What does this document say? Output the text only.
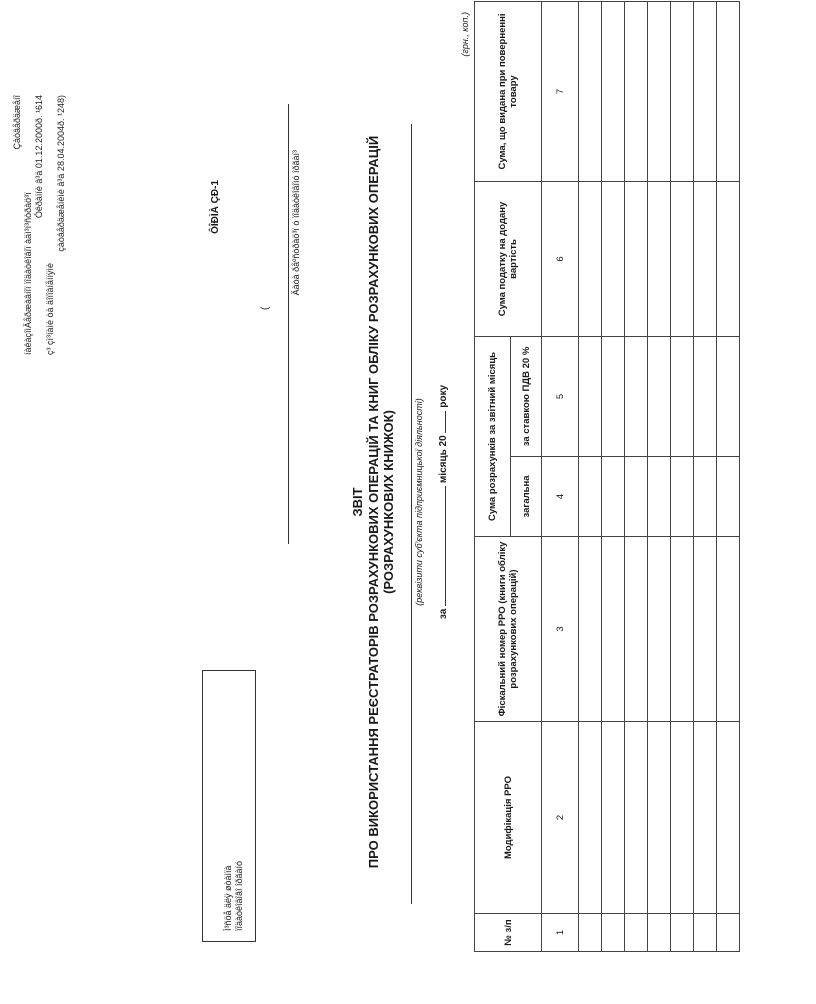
Çàòâåðäæåíî
íàêàçîìÄåðæàâíîї ïîäàòêîâîї àäì³í³ñòðàö³ї
Óêðàїíè â³ä 01.12.2000ð. ¹614
ç³ çì³íàìè òà äîïîâíåííÿìè
çàòâåðäæåíèìè â³ä 28.04.2004ð. ¹248)	ÔÎÐÌÀ ÇÐ-1
Ì³ñöå äëÿ øòàìïà ïîäàòêîâîãî îðãàíó
(
Äàòà ðåºñòðàö³ї ó ïîäàòêîâîìó îðãàí³
ЗВІТ ПРО ВИКОРИСТАННЯ РЕЄСТРАТОРІВ РОЗРАХУНКОВИХ ОПЕРАЦІЙ ТА КНИГ ОБЛІКУ РОЗРАХУНКОВИХ ОПЕРАЦІЙ (РОЗРАХУНКОВИХ КНИЖОК) (реквізити суб'єкта підприємницької діяльності)
за  місяць 20  року
(грн., коп.)
№ з/п	Модифікація РРО	Фіскальний номер РРО (книги обліку розрахункових операцій)	Сума розрахунків за звітний місяць		Сума податку на додану вартість	Сума, що видана при поверненні товару
			загальна	за ставкою ПДВ 20 %		
1	2	3	4	5	6	7
